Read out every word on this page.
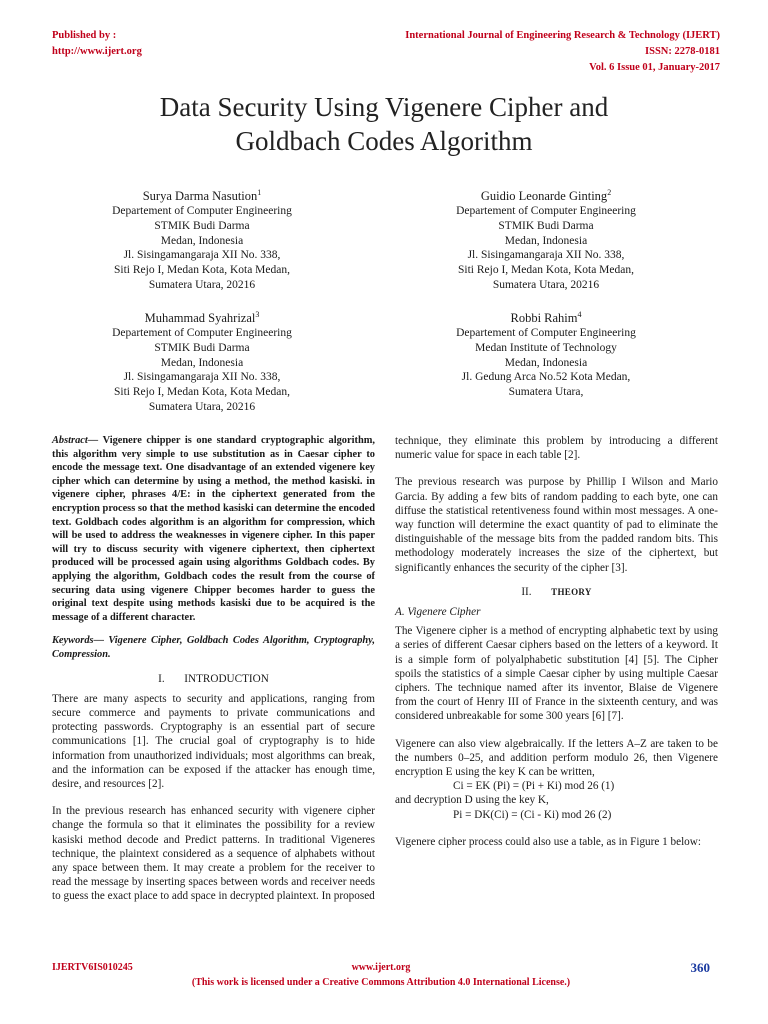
Published by :
http://www.ijert.org
International Journal of Engineering Research & Technology (IJERT)
ISSN: 2278-0181
Vol. 6 Issue 01, January-2017
Data Security Using Vigenere Cipher and
Goldbach Codes Algorithm
Surya Darma Nasution$^1$
Departement of Computer Engineering
STMIK Budi Darma
Medan, Indonesia
Jl. Sisingamangaraja XII No. 338,
Siti Rejo I, Medan Kota, Kota Medan,
Sumatera Utara, 20216
Guidio Leonarde Ginting$^2$
Departement of Computer Engineering
STMIK Budi Darma
Medan, Indonesia
Jl. Sisingamangaraja XII No. 338,
Siti Rejo I, Medan Kota, Kota Medan,
Sumatera Utara, 20216
Muhammad Syahrizal$^3$
Departement of Computer Engineering
STMIK Budi Darma
Medan, Indonesia
Jl. Sisingamangaraja XII No. 338,
Siti Rejo I, Medan Kota, Kota Medan,
Sumatera Utara, 20216
Robbi Rahim$^4$
Departement of Computer Engineering
Medan Institute of Technology
Medan, Indonesia
Jl. Gedung Arca No.52 Kota Medan,
Sumatera Utara,

Abstract— Vigenere chipper is one standard cryptographic algorithm, this algorithm very simple to use substitution as in Caesar cipher to encode the message text. One disadvantage of an extended vigenere key cipher which can determine by using a method, the method kasiski. in vigenere cipher, phrases 4/E: in the ciphertext generated from the encryption process so that the method kasiski can determine the encoded text. Goldbach codes algorithm is an algorithm for compression, which will be used to address the weaknesses in vigenere cipher. In this paper will try to discuss security with vigenere ciphertext, then ciphertext produced will be processed again using algorithms Goldbach codes. By applying the algorithm, Goldbach codes the result from the course of securing data using vigenere Chipper becomes harder to guess the original text despite using methods kasiski due to be acquired is the message of a different character.

Keywords— Vigenere Cipher, Goldbach Codes Algorithm, Cryptography, Compression.

I. INTRODUCTION

There are many aspects to security and applications, ranging from secure commerce and payments to private communications and protecting passwords. Cryptography is an essential part of secure communications [1]. The crucial goal of cryptography is to hide information from unauthorized individuals; most algorithms can break, and the information can be exposed if the attacker has enough time, desire, and resources [2].

In the previous research has enhanced security with vigenere cipher change the formula so that it eliminates the possibility for a review kasiski method decode and Predict patterns. In traditional Vigeneres technique, the plaintext considered as a sequence of alphabets without any space between them. It may create a problem for the receiver to read the message by inserting spaces between words and receiver needs to guess the exact place to add space in decrypted plaintext. In proposed

technique, they eliminate this problem by introducing a different numeric value for space in each table [2].

The previous research was purpose by Phillip I Wilson and Mario Garcia. By adding a few bits of random padding to each byte, one can diffuse the statistical retentiveness found within most messages. A one-way function will determine the exact quantity of pad to eliminate the distinguishable of the message bits from the padded random bits. This methodology moderately increases the size of the ciphertext, but significantly enhances the security of the cipher [3].

II. THEORY

A. Vigenere Cipher

The Vigenere cipher is a method of encrypting alphabetic text by using a series of different Caesar ciphers based on the letters of a keyword. It is a simple form of polyalphabetic substitution [4] [5]. The Cipher spoils the statistics of a simple Caesar cipher by using multiple Caesar ciphers. The technique named after its inventor, Blaise de Vigenere from the court of Henry III of France in the sixteenth century, and was considered unbreakable for some 300 years [6] [7].

Vigenere can also view algebraically. If the letters A–Z are taken to be the numbers 0–25, and addition perform modulo 26, then Vigenere encryption E using the key K can be written,

Ci = EK (Pi) = (Pi + Ki) mod 26 (1)

and decryption D using the key K,

Pi = DK(Ci) = (Ci - Ki) mod 26 (2)

Vigenere cipher process could also use a table, as in Figure 1 below:

IJERTV6IS010245	www.ijert.org	360
(This work is licensed under a Creative Commons Attribution 4.0 International License.)
